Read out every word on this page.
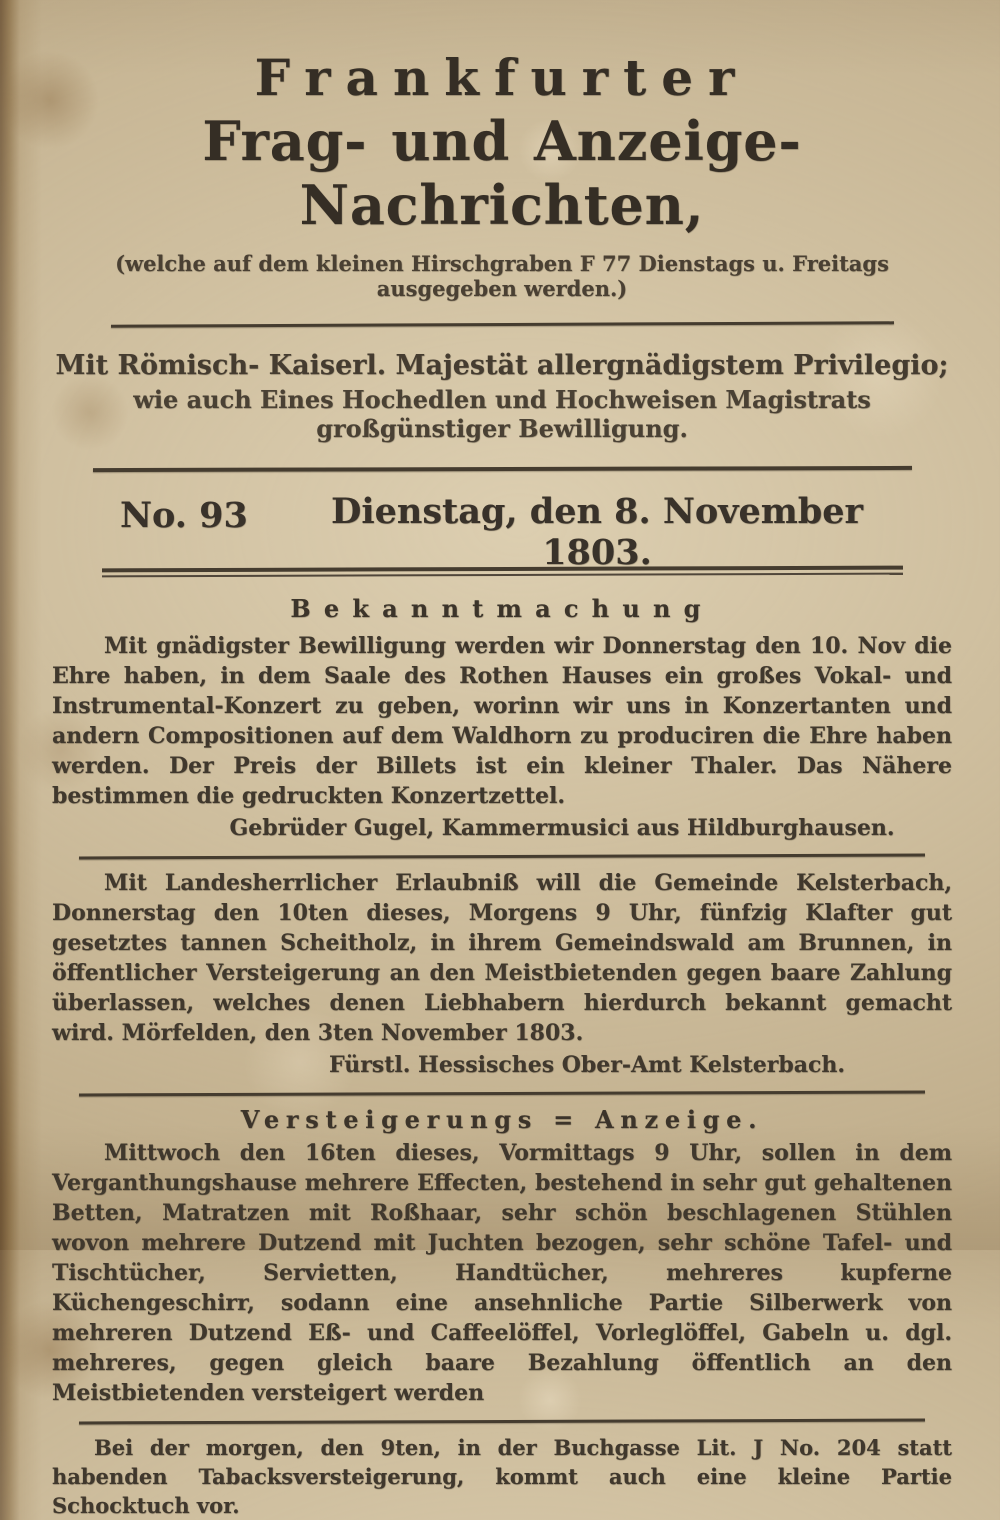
Frankfurter
Frag- und Anzeige-Nachrichten,
(welche auf dem kleinen Hirschgraben F 77 Dienstags u. Freitags ausgegeben werden.)
Mit Römisch- Kaiserl. Majestät allergnädigstem Privilegio;
wie auch Eines Hochedlen und Hochweisen Magistrats großgünstiger Bewilligung.
No. 93	Dienstag, den 8. November 1803.
Bekanntmachung

Mit gnädigster Bewilligung werden wir Donnerstag den 10. Nov die Ehre haben, in dem Saale des Rothen Hauses ein großes Vokal- und Instrumental-Konzert zu geben, worinn wir uns in Konzertanten und andern Compositionen auf dem Waldhorn zu produciren die Ehre haben werden. Der Preis der Billets ist ein kleiner Thaler. Das Nähere bestimmen die gedruckten Konzertzettel.

Gebrüder Gugel, Kammermusici aus Hildburghausen.

Mit Landesherrlicher Erlaubniß will die Gemeinde Kelsterbach, Donnerstag den 10ten dieses, Morgens 9 Uhr, fünfzig Klafter gut gesetztes tannen Scheitholz, in ihrem Gemeindswald am Brunnen, in öffentlicher Versteigerung an den Meistbietenden gegen baare Zahlung überlassen, welches denen Liebhabern hierdurch bekannt gemacht wird. Mörfelden, den 3ten November 1803.

Fürstl. Hessisches Ober-Amt Kelsterbach.
Versteigerungs = Anzeige.

Mittwoch den 16ten dieses, Vormittags 9 Uhr, sollen in dem Verganthungshause mehrere Effecten, bestehend in sehr gut gehaltenen Betten, Matratzen mit Roßhaar, sehr schön beschlagenen Stühlen wovon mehrere Dutzend mit Juchten bezogen, sehr schöne Tafel- und Tischtücher, Servietten, Handtücher, mehreres kupferne Küchengeschirr, sodann eine ansehnliche Partie Silberwerk von mehreren Dutzend Eß- und Caffeelöffel, Vorleglöffel, Gabeln u. dgl. mehreres, gegen gleich baare Bezahlung öffentlich an den Meistbietenden versteigert werden

Bei der morgen, den 9ten, in der Buchgasse Lit. J No. 204 statt habenden Tabacksversteigerung, kommt auch eine kleine Partie Schocktuch vor.
